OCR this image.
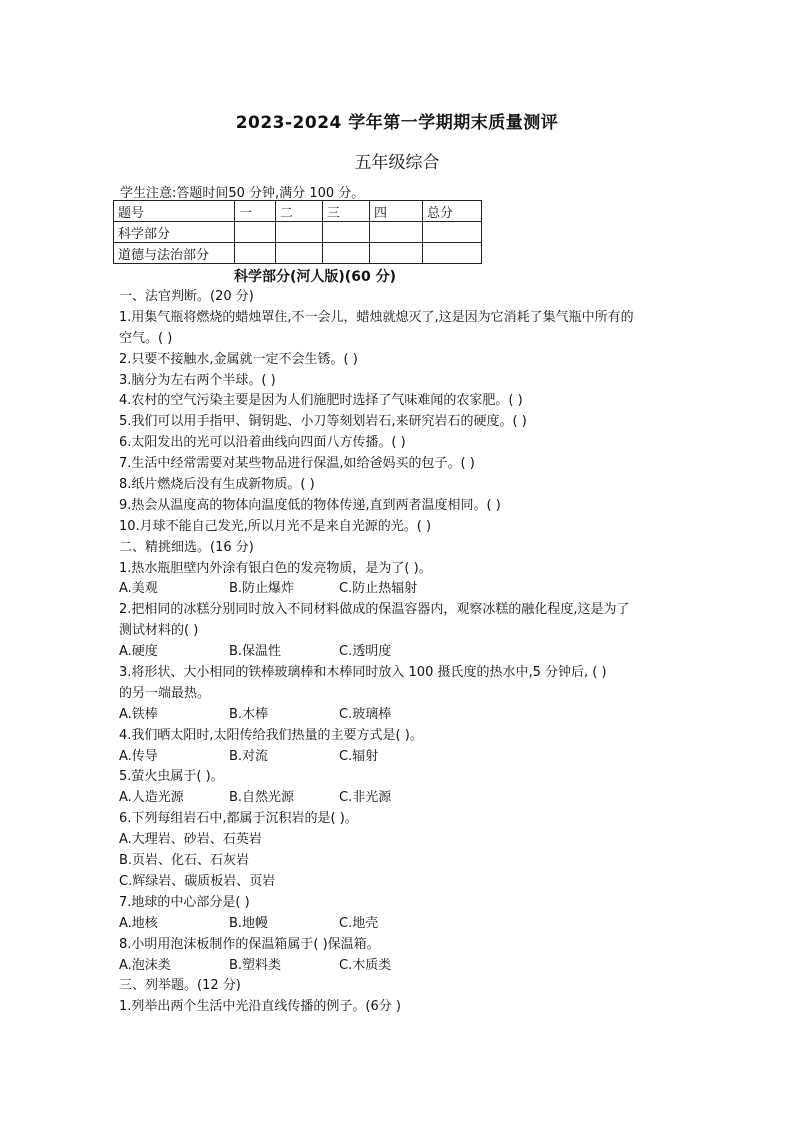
2023-2024 学年第一学期期末质量测评
五年级综合
学生注意:答题时间50 分钟,满分 100 分。
题号	一	二	三	四	总分
科学部分					
道德与法治部分					
科学部分(河人版)(60 分)
一、法官判断。(20 分)
1.用集气瓶将燃烧的蜡烛罩住,不一会儿，蜡烛就熄灭了,这是因为它消耗了集气瓶中所有的
空气。( )
2.只要不接触水,金属就一定不会生锈。( )
3.脑分为左右两个半球。( )
4.农村的空气污染主要是因为人们施肥时选择了气味难闻的农家肥。( )
5.我们可以用手指甲、铜钥匙、小刀等刻划岩石,来研究岩石的硬度。( )
6.太阳发出的光可以沿着曲线向四面八方传播。( )
7.生活中经常需要对某些物品进行保温,如给爸妈买的包子。( )
8.纸片燃烧后没有生成新物质。( )
9.热会从温度高的物体向温度低的物体传递,直到两者温度相同。( )
10.月球不能自己发光,所以月光不是来自光源的光。( )
二、精挑细选。(16 分)
1.热水瓶胆壁内外涂有银白色的发亮物质，是为了( )。
A.美观	B.防止爆炸	C.防止热辐射
2.把相同的冰糕分别同时放入不同材料做成的保温容器内，观察冰糕的融化程度,这是为了
测试材料的( )
A.硬度	B.保温性	C.透明度
3.将形状、大小相同的铁棒玻璃棒和木棒同时放入 100 摄氏度的热水中,5 分钟后, ( )
的另一端最热。
A.铁棒	B.木棒	C.玻璃棒
4.我们晒太阳时,太阳传给我们热量的主要方式是( )。
A.传导	B.对流	C.辐射
5.萤火虫属于( )。
A.人造光源	B.自然光源	C.非光源
6.下列每组岩石中,都属于沉积岩的是( )。
A.大理岩、砂岩、石英岩
B.页岩、化石、石灰岩
C.辉绿岩、碳质板岩、页岩
7.地球的中心部分是( )
A.地核	B.地幔	C.地壳
8.小明用泡沫板制作的保温箱属于( )保温箱。
A.泡沫类	B.塑料类	C.木质类
三、列举题。(12 分)
1.列举出两个生活中光沿直线传播的例子。(6分 )
